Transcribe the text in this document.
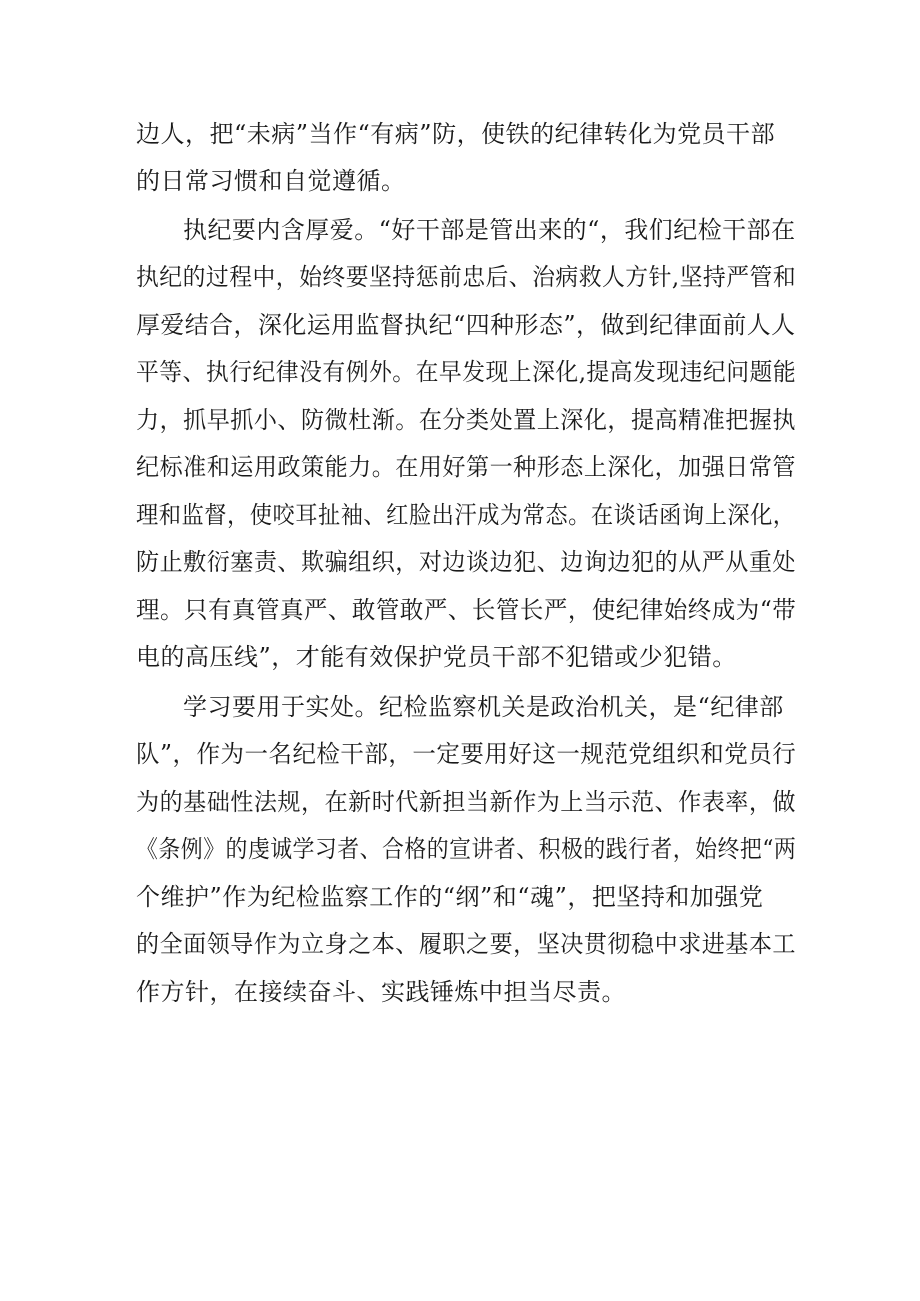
边人，把“未病”当作“有病”防，使铁的纪律转化为党员干部
的日常习惯和自觉遵循。
执纪要内含厚爱。“好干部是管出来的“，我们纪检干部在
执纪的过程中，始终要坚持惩前忠后、治病救人方针,坚持严管和
厚爱结合，深化运用监督执纪“四种形态”，做到纪律面前人人
平等、执行纪律没有例外。在早发现上深化,提高发现违纪问题能
力，抓早抓小、防微杜渐。在分类处置上深化，提高精准把握执
纪标准和运用政策能力。在用好第一种形态上深化，加强日常管
理和监督，使咬耳扯袖、红脸出汗成为常态。在谈话函询上深化，
防止敷衍塞责、欺骗组织，对边谈边犯、边询边犯的从严从重处
理。只有真管真严、敢管敢严、长管长严，使纪律始终成为“带
电的高压线”，才能有效保护党员干部不犯错或少犯错。
学习要用于实处。纪检监察机关是政治机关，是“纪律部
队”，作为一名纪检干部，一定要用好这一规范党组织和党员行
为的基础性法规，在新时代新担当新作为上当示范、作表率，做
《条例》的虔诚学习者、合格的宣讲者、积极的践行者，始终把“两
个维护”作为纪检监察工作的“纲”和“魂”，把坚持和加强党
的全面领导作为立身之本、履职之要，坚决贯彻稳中求进基本工
作方针，在接续奋斗、实践锤炼中担当尽责。
